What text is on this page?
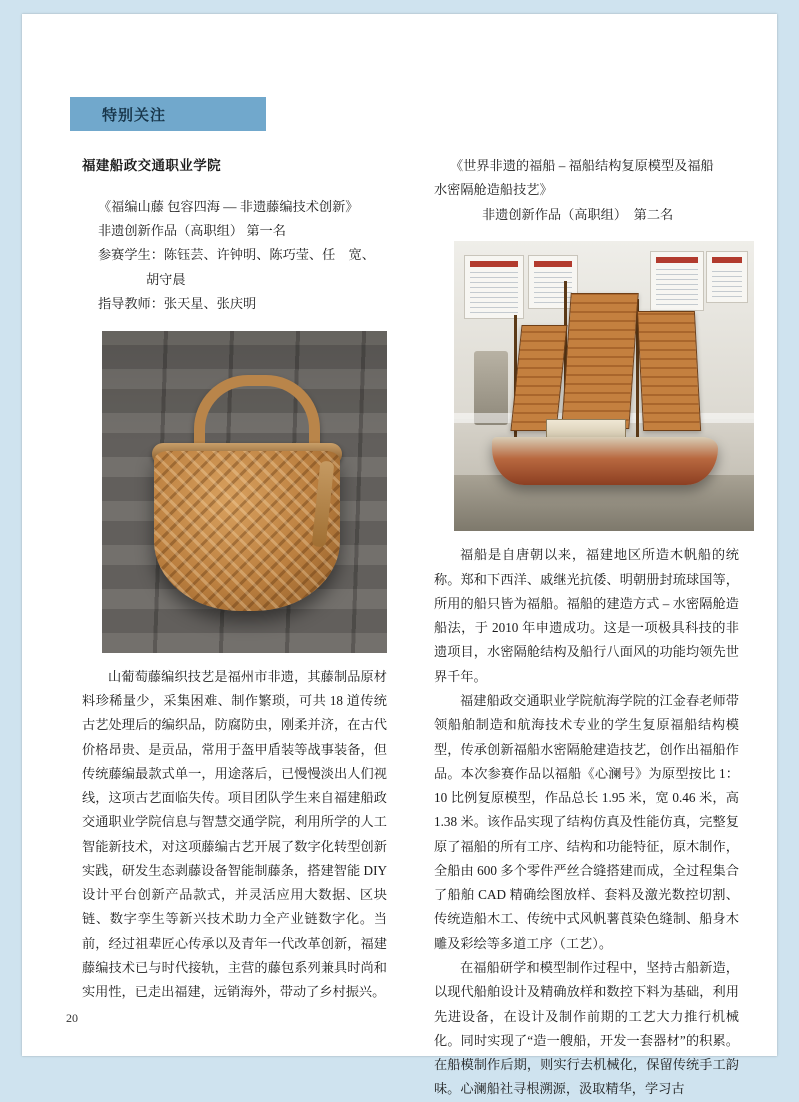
特别关注
福建船政交通职业学院
《福编山藤 包容四海 –– 非遗藤编技术创新》
非遗创新作品（高职组） 第一名
参赛学生：陈钰芸、许钟明、陈巧莹、任　宽、
胡守晨
指导教师：张天星、张庆明

山葡萄藤编织技艺是福州市非遗，其藤制品原材料珍稀量少，采集困难、制作繁琐，可共 18 道传统古艺处理后的编织品，防腐防虫，刚柔并济，在古代价格昂贵、是贡品，常用于盔甲盾装等战事装备，但传统藤编最款式单一，用途落后，已慢慢淡出人们视线，这项古艺面临失传。项目团队学生来自福建船政交通职业学院信息与智慧交通学院，利用所学的人工智能新技术，对这项藤编古艺开展了数字化转型创新实践，研发生态剥藤设备智能制藤条，搭建智能 DIY 设计平台创新产品款式，并灵活应用大数据、区块链、数字孪生等新兴技术助力全产业链数字化。当前，经过祖辈匠心传承以及青年一代改革创新，福建藤编技术已与时代接轨，主营的藤包系列兼具时尚和实用性，已走出福建，远销海外，带动了乡村振兴。

《世界非遗的福船 – 福船结构复原模型及福船
水密隔舱造船技艺》
非遗创新作品（高职组）　第二名

福船是自唐朝以来，福建地区所造木帆船的统称。郑和下西洋、戚继光抗倭、明朝册封琉球国等，所用的船只皆为福船。福船的建造方式 – 水密隔舱造船法，于 2010 年申遗成功。这是一项极具科技的非遗项目，水密隔舱结构及船行八面风的功能均领先世界千年。

福建船政交通职业学院航海学院的江金春老师带领船舶制造和航海技术专业的学生复原福船结构模型，传承创新福船水密隔舱建造技艺，创作出福船作品。本次参赛作品以福船《心澜号》为原型按比 1：10 比例复原模型，作品总长 1.95 米，宽 0.46 米，高 1.38 米。该作品实现了结构仿真及性能仿真，完整复原了福船的所有工序、结构和功能特征，原木制作，全船由 600 多个零件严丝合缝搭建而成，全过程集合了船舶 CAD 精确绘图放样、套料及激光数控切割、传统造船木工、传统中式风帆薯莨染色缝制、船身木雕及彩绘等多道工序（工艺）。

在福船研学和模型制作过程中，坚持古船新造，以现代船舶设计及精确放样和数控下料为基础，利用先进设备，在设计及制作前期的工艺大力推行机械化。同时实现了“造一艘船，开发一套器材”的积累。在船模制作后期，则实行去机械化，保留传统手工韵味。心澜船社寻根溯源，汲取精华，学习古

20
